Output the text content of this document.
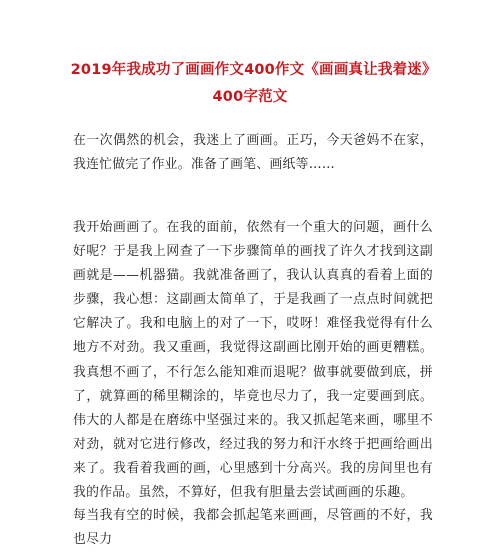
2019年我成功了画画作文400作文《画画真让我着迷》400字范文
在一次偶然的机会，我迷上了画画。正巧，今天爸妈不在家，我连忙做完了作业。准备了画笔、画纸等……
我开始画画了。在我的面前，依然有一个重大的问题，画什么好呢？于是我上网查了一下步骤简单的画找了许久才找到这副画就是——机器猫。我就准备画了，我认认真真的看着上面的步骤，我心想：这副画太简单了，于是我画了一点点时间就把它解决了。我和电脑上的对了一下，哎呀！难怪我觉得有什么地方不对劲。我又重画，我觉得这副画比刚开始的画更糟糕。我真想不画了，不行怎么能知难而退呢？做事就要做到底，拼了，就算画的稀里糊涂的，毕竟也尽力了，我一定要画到底。伟大的人都是在磨练中坚强过来的。我又抓起笔来画，哪里不对劲，就对它进行修改，经过我的努力和汗水终于把画给画出来了。我看着我画的画，心里感到十分高兴。我的房间里也有我的作品。虽然，不算好，但我有胆量去尝试画画的乐趣。
每当我有空的时候，我都会抓起笔来画画，尽管画的不好，我也尽力
